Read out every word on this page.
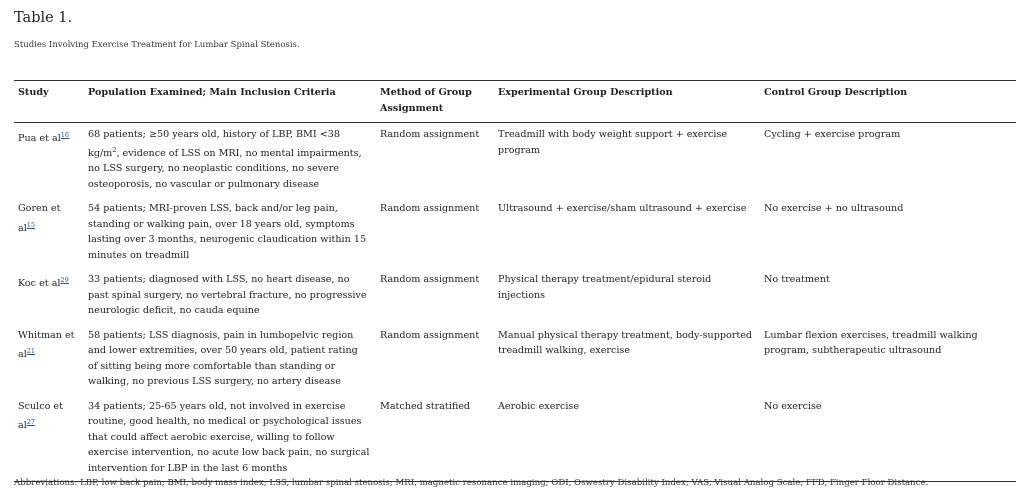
Table 1.
Studies Involving Exercise Treatment for Lumbar Spinal Stenosis.
Study	Population Examined; Main Inclusion Criteria	Method of Group Assignment	Experimental Group Description	Control Group Description
Pua et al$^{16}$	68 patients; ≥50 years old, history of LBP, BMI <38 $kg/m^2$, evidence of LSS on MRI, no mental impairments, no LSS surgery, no neoplastic conditions, no severe osteoporosis, no vascular or pulmonary disease	Random assignment	Treadmill with body weight support + exercise program	Cycling + exercise program
Goren et al$^{15}$	54 patients; MRI-proven LSS, back and/or leg pain, standing or walking pain, over 18 years old, symptoms lasting over 3 months, neurogenic claudication within 15 minutes on treadmill	Random assignment	Ultrasound + exercise/sham ultrasound + exercise	No exercise + no ultrasound
Koc et al$^{29}$	33 patients; diagnosed with LSS, no heart disease, no past spinal surgery, no vertebral fracture, no progressive neurologic deficit, no cauda equine	Random assignment	Physical therapy treatment/epidural steroid injections	No treatment
Whitman et al$^{21}$	58 patients; LSS diagnosis, pain in lumbopelvic region and lower extremities, over 50 years old, patient rating of sitting being more comfortable than standing or walking, no previous LSS surgery, no artery disease	Random assignment	Manual physical therapy treatment, body-supported treadmill walking, exercise	Lumbar flexion exercises, treadmill walking program, subtherapeutic ultrasound
Sculco et al$^{27}$	34 patients; 25-65 years old, not involved in exercise routine, good health, no medical or psychological issues that could affect aerobic exercise, willing to follow exercise intervention, no acute low back pain, no surgical intervention for LBP in the last 6 months	Matched stratified	Aerobic exercise	No exercise
Abbreviations: LBP, low back pain; BMI, body mass index; LSS, lumbar spinal stenosis; MRI, magnetic resonance imaging; ODI, Oswestry Disability Index; VAS, Visual Analog Scale; FFD, Finger Floor Distance.
